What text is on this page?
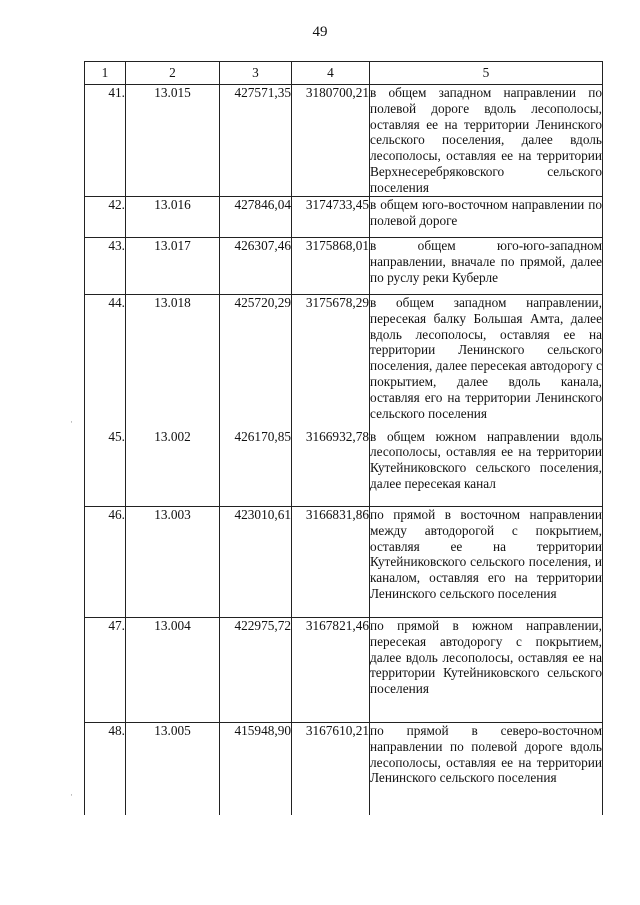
49
1	2	3	4	5
41.	13.015	427571,35	3180700,21	в общем западном направлении по полевой дороге вдоль лесополосы, оставляя ее на территории Ленинского сельского поселения, далее вдоль лесополосы, оставляя ее на территории Верхнесеребряковского сельского поселения
42.	13.016	427846,04	3174733,45	в общем юго-восточном направлении по полевой дороге
43.	13.017	426307,46	3175868,01	в общем юго-юго-западном направлении, вначале по прямой, далее по руслу реки Куберле
44.	13.018	425720,29	3175678,29	в общем западном направлении, пересекая балку Большая Амта, далее вдоль лесополосы, оставляя ее на территории Ленинского сельского поселения, далее пересекая автодорогу с покрытием, далее вдоль канала, оставляя его на территории Ленинского сельского поселения
45.	13.002	426170,85	3166932,78	в общем южном направлении вдоль лесополосы, оставляя ее на территории Кутейниковского сельского поселения, далее пересекая канал
46.	13.003	423010,61	3166831,86	по прямой в восточном направлении между автодорогой с покрытием, оставляя ее на территории Кутейниковского сельского поселения, и каналом, оставляя его на территории Ленинского сельского поселения
47.	13.004	422975,72	3167821,46	по прямой в южном направлении, пересекая автодорогу с покрытием, далее вдоль лесополосы, оставляя ее на территории Кутейниковского сельского поселения
48.	13.005	415948,90	3167610,21	по прямой в северо-восточном направлении по полевой дороге вдоль лесополосы, оставляя ее на территории Ленинского сельского поселения
·
·
